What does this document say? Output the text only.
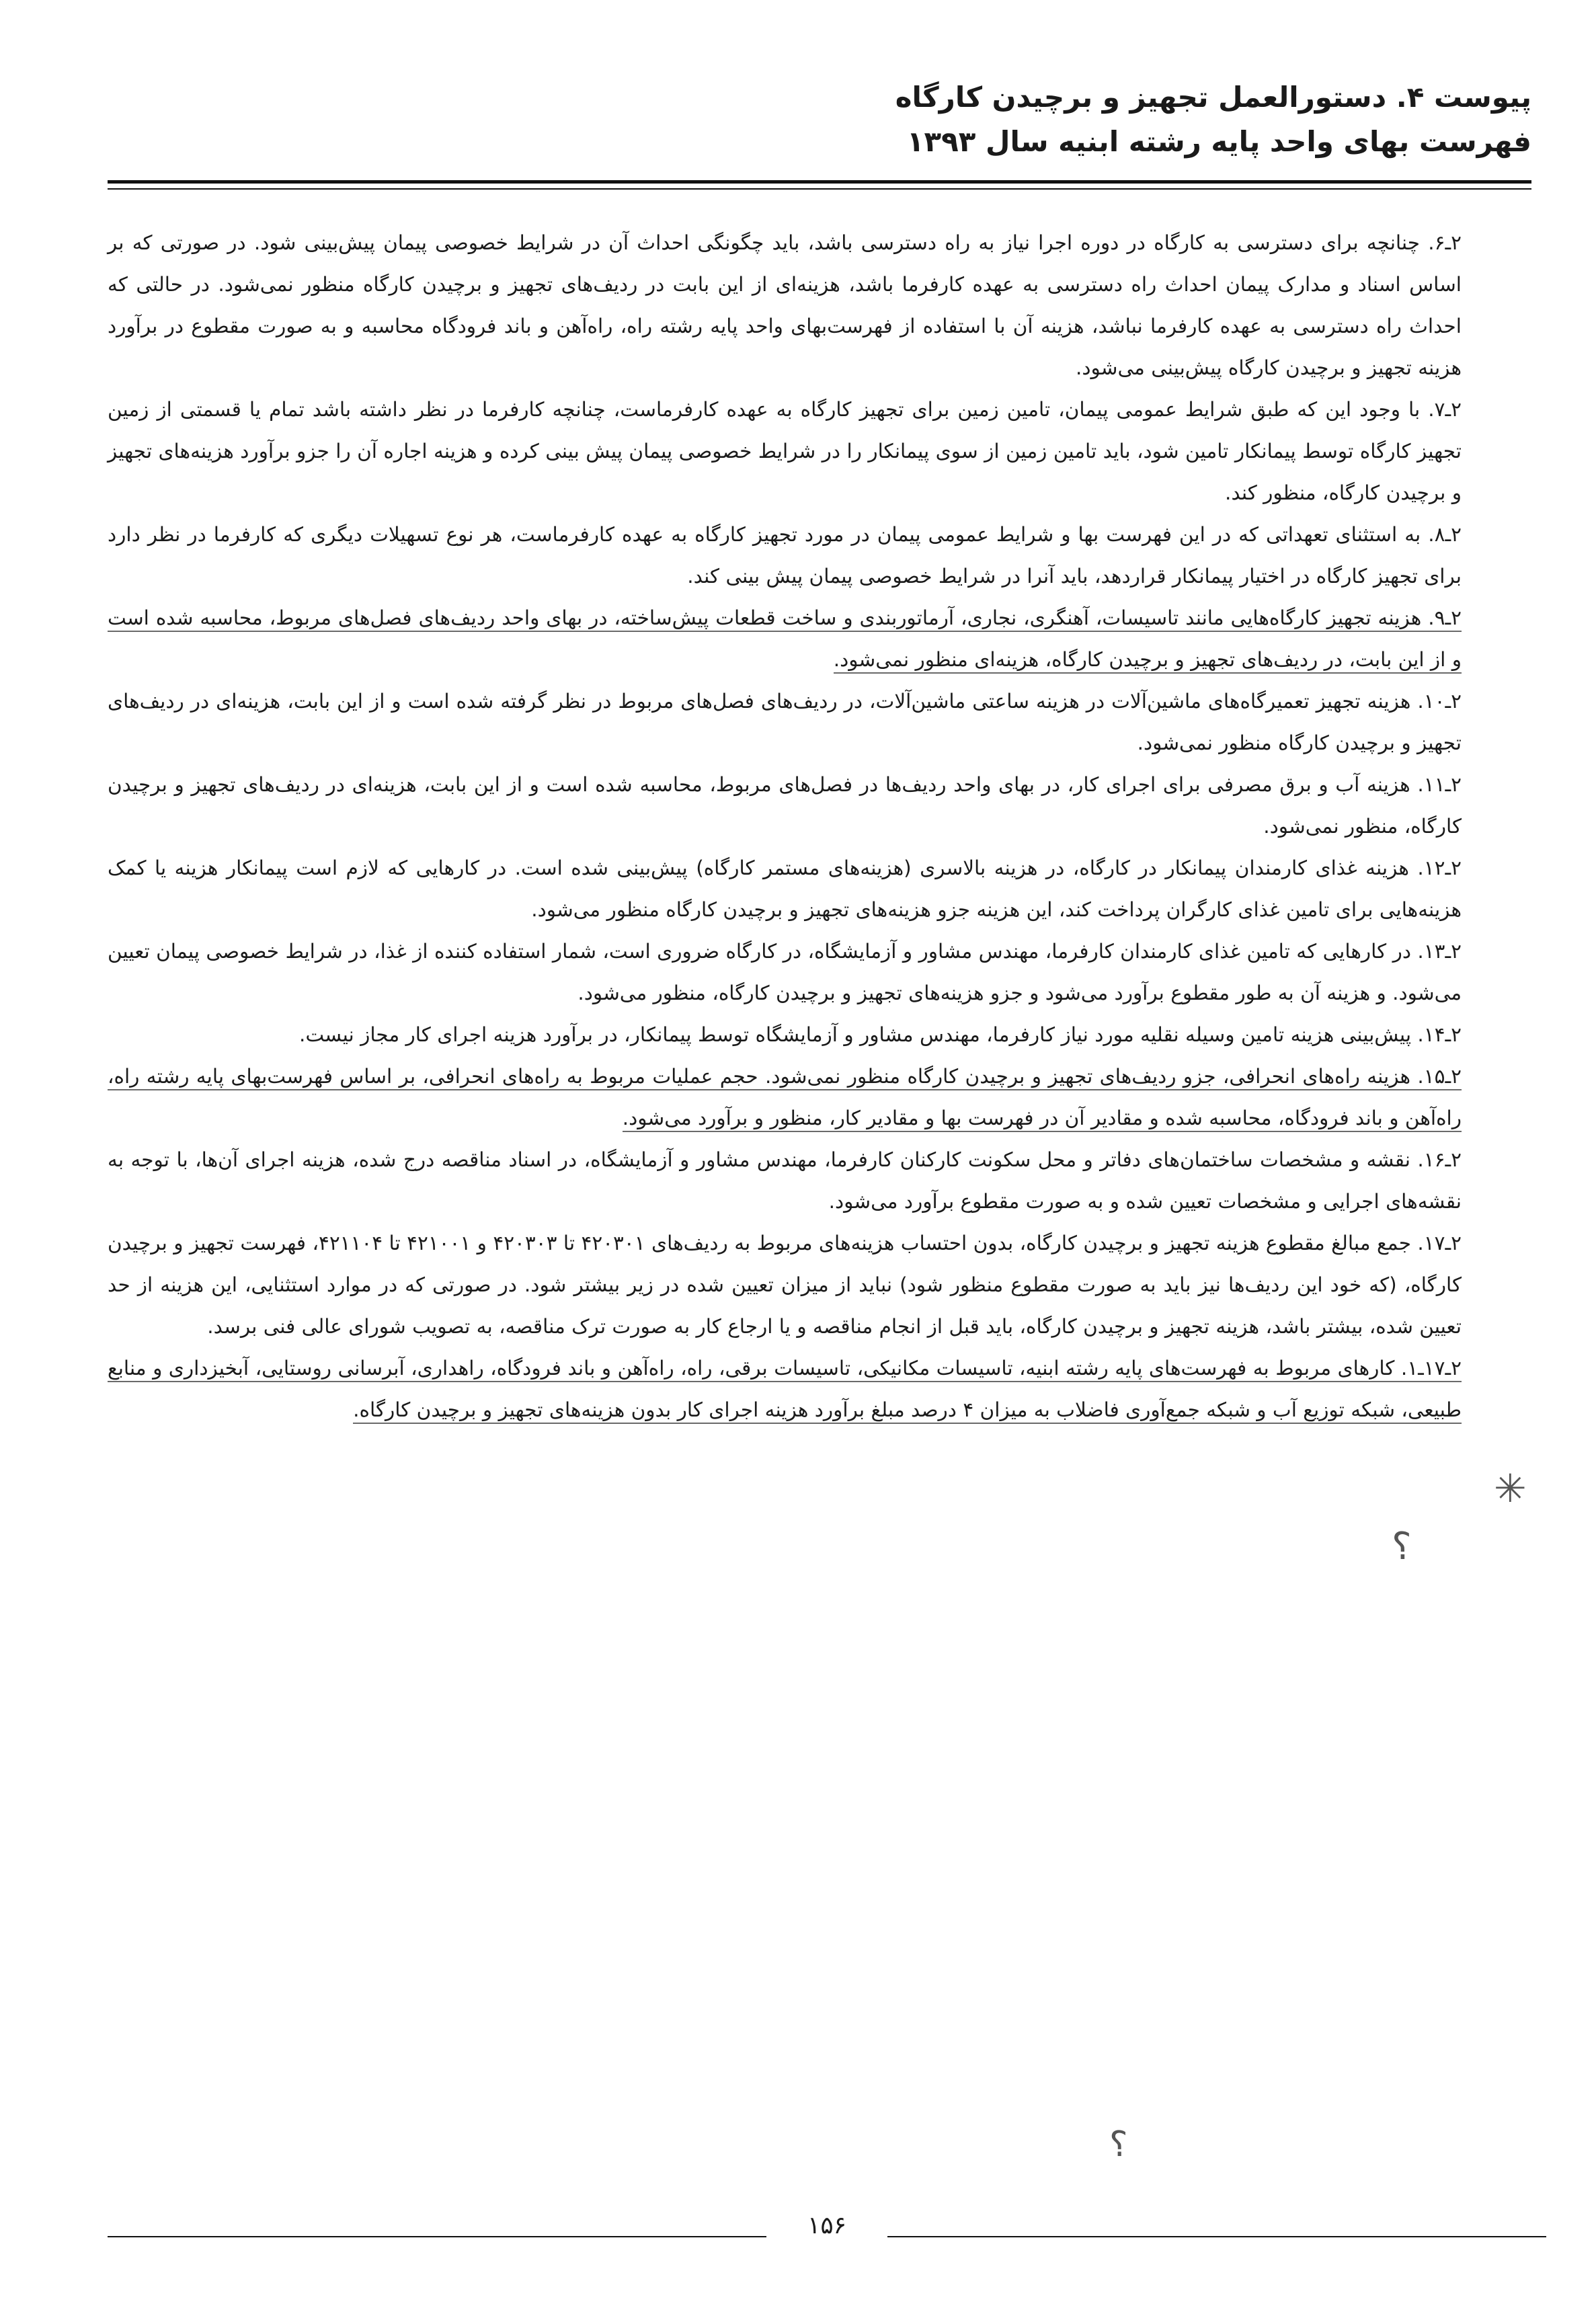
پیوست ۴. دستورالعمل تجهیز و برچیدن کارگاه
فهرست بهای واحد پایه رشته ابنیه سال ۱۳۹۳

۲ـ۶. چنانچه برای دسترسی به کارگاه در دوره اجرا نیاز به راه دسترسی باشد، باید چگونگی احداث آن در شرایط خصوصی پیمان پیش‌بینی شود. در صورتی که بر اساس اسناد و مدارک پیمان احداث راه دسترسی به عهده کارفرما باشد، هزینه‌ای از این بابت در ردیف‌های تجهیز و برچیدن کارگاه منظور نمی‌شود. در حالتی که احداث راه دسترسی به عهده کارفرما نباشد، هزینه آن با استفاده از فهرست‌بهای واحد پایه رشته راه، راه‌آهن و باند فرودگاه محاسبه و به صورت مقطوع در برآورد هزینه تجهیز و برچیدن کارگاه پیش‌بینی می‌شود.

۲ـ۷. با وجود این که طبق شرایط عمومی پیمان، تامین زمین برای تجهیز کارگاه به عهده کارفرماست، چنانچه کارفرما در نظر داشته باشد تمام یا قسمتی از زمین تجهیز کارگاه توسط پیمانکار تامین شود، باید تامین زمین از سوی پیمانکار را در شرایط خصوصی پیمان پیش بینی کرده و هزینه اجاره آن را جزو برآورد هزینه‌های تجهیز و برچیدن کارگاه، منظور کند.

۲ـ۸. به استثنای تعهداتی که در این فهرست بها و شرایط عمومی پیمان در مورد تجهیز کارگاه به عهده کارفرماست، هر نوع تسهیلات دیگری که کارفرما در نظر دارد برای تجهیز کارگاه در اختیار پیمانکار قراردهد، باید آنرا در شرایط خصوصی پیمان پیش بینی کند.

۲ـ۹. هزینه تجهیز کارگاه‌هایی مانند تاسیسات، آهنگری، نجاری، آرماتوربندی و ساخت قطعات پیش‌ساخته، در بهای واحد ردیف‌های فصل‌های مربوط، محاسبه شده است و از این بابت، در ردیف‌های تجهیز و برچیدن کارگاه، هزینه‌ای منظور نمی‌شود.

۲ـ۱۰. هزینه تجهیز تعمیرگاه‌های ماشین‌آلات در هزینه ساعتی ماشین‌آلات، در ردیف‌های فصل‌های مربوط در نظر گرفته شده است و از این بابت، هزینه‌ای در ردیف‌های تجهیز و برچیدن کارگاه منظور نمی‌شود.

۲ـ۱۱. هزینه آب و برق مصرفی برای اجرای کار، در بهای واحد ردیف‌ها در فصل‌های مربوط، محاسبه شده است و از این بابت، هزینه‌ای در ردیف‌های تجهیز و برچیدن کارگاه، منظور نمی‌شود.

۲ـ۱۲. هزینه غذای کارمندان پیمانکار در کارگاه، در هزینه بالاسری (هزینه‌های مستمر کارگاه) پیش‌بینی شده است. در کارهایی که لازم است پیمانکار هزینه یا کمک هزینه‌هایی برای تامین غذای کارگران پرداخت کند، این هزینه جزو هزینه‌های تجهیز و برچیدن کارگاه منظور می‌شود.

۲ـ۱۳. در کارهایی که تامین غذای کارمندان کارفرما، مهندس مشاور و آزمایشگاه، در کارگاه ضروری است، شمار استفاده کننده از غذا، در شرایط خصوصی پیمان تعیین می‌شود. و هزینه آن به طور مقطوع برآورد می‌شود و جزو هزینه‌های تجهیز و برچیدن کارگاه، منظور می‌شود.

۲ـ۱۴. پیش‌بینی هزینه تامین وسیله نقلیه مورد نیاز کارفرما، مهندس مشاور و آزمایشگاه توسط پیمانکار، در برآورد هزینه اجرای کار مجاز نیست.

۲ـ۱۵. هزینه راه‌های انحرافی، جزو ردیف‌های تجهیز و برچیدن کارگاه منظور نمی‌شود. حجم عملیات مربوط به راه‌های انحرافی، بر اساس فهرست‌بهای پایه رشته راه، راه‌آهن و باند فرودگاه، محاسبه شده و مقادیر آن در فهرست بها و مقادیر کار، منظور و برآورد می‌شود.

۲ـ۱۶. نقشه و مشخصات ساختمان‌های دفاتر و محل سکونت کارکنان کارفرما، مهندس مشاور و آزمایشگاه، در اسناد مناقصه درج شده، هزینه اجرای آن‌ها، با توجه به نقشه‌های اجرایی و مشخصات تعیین شده و به صورت مقطوع برآورد می‌شود.

۲ـ۱۷. جمع مبالغ مقطوع هزینه تجهیز و برچیدن کارگاه، بدون احتساب هزینه‌های مربوط به ردیف‌های ۴۲۰۳۰۱ تا ۴۲۰۳۰۳ و ۴۲۱۰۰۱ تا ۴۲۱۱۰۴، فهرست تجهیز و برچیدن کارگاه، (که خود این ردیف‌ها نیز باید به صورت مقطوع منظور شود) نباید از میزان تعیین شده در زیر بیشتر شود. در صورتی که در موارد استثنایی، این هزینه از حد تعیین شده، بیشتر باشد، هزینه تجهیز و برچیدن کارگاه، باید قبل از انجام مناقصه و یا ارجاع کار به صورت ترک مناقصه، به تصویب شورای عالی فنی برسد.

۲ـ۱۷ـ۱. کارهای مربوط به فهرست‌های پایه رشته ابنیه، تاسیسات مکانیکی، تاسیسات برقی، راه، راه‌آهن و باند فرودگاه، راهداری، آبرسانی روستایی، آبخیزداری و منابع طبیعی، شبکه توزیع آب و شبکه جمع‌آوری فاضلاب به میزان ۴ درصد مبلغ برآورد هزینه اجرای کار بدون هزینه‌های تجهیز و برچیدن کارگاه.

✳
؟
؟
۱۵۶
